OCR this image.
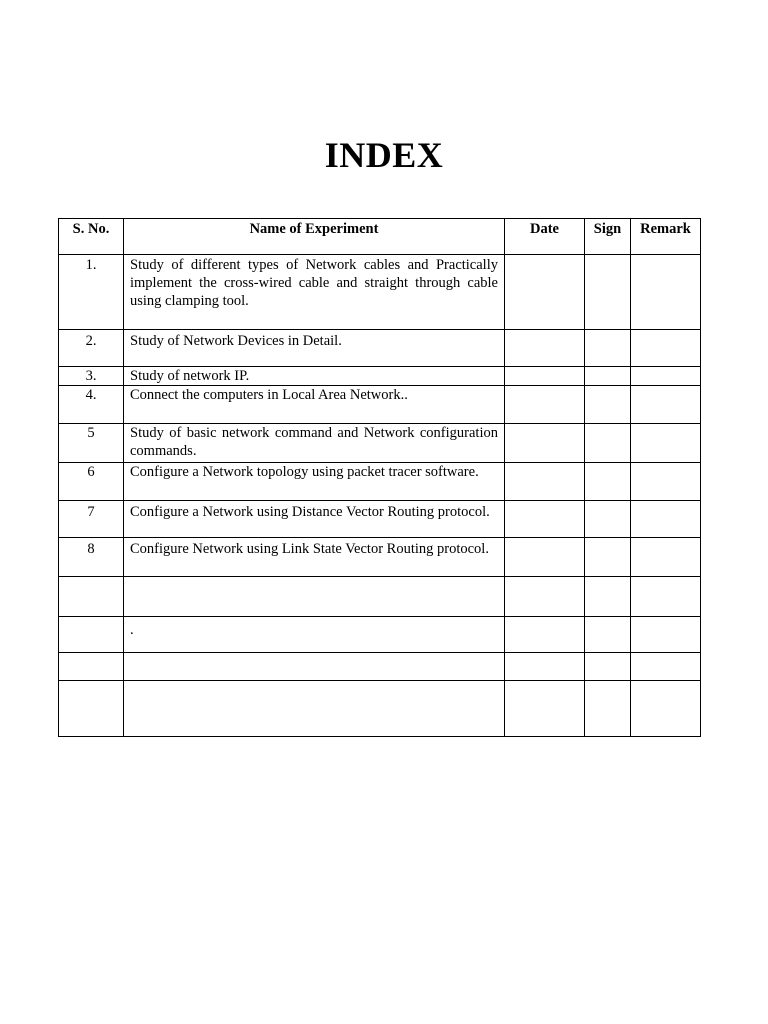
INDEX
S. No.	Name of Experiment	Date	Sign	Remark
1.	Study of different types of Network cables and Practically implement the cross-wired cable and straight through cable using clamping tool.			
2.	Study of Network Devices in Detail.			
3.	Study of network IP.			
4.	Connect the computers in Local Area Network..			
5	Study of basic network command and Network configuration commands.			
6	Configure a Network topology using packet tracer software.			
7	Configure a Network using Distance Vector Routing protocol.			
8	Configure Network using Link State Vector Routing protocol.			

	.			
